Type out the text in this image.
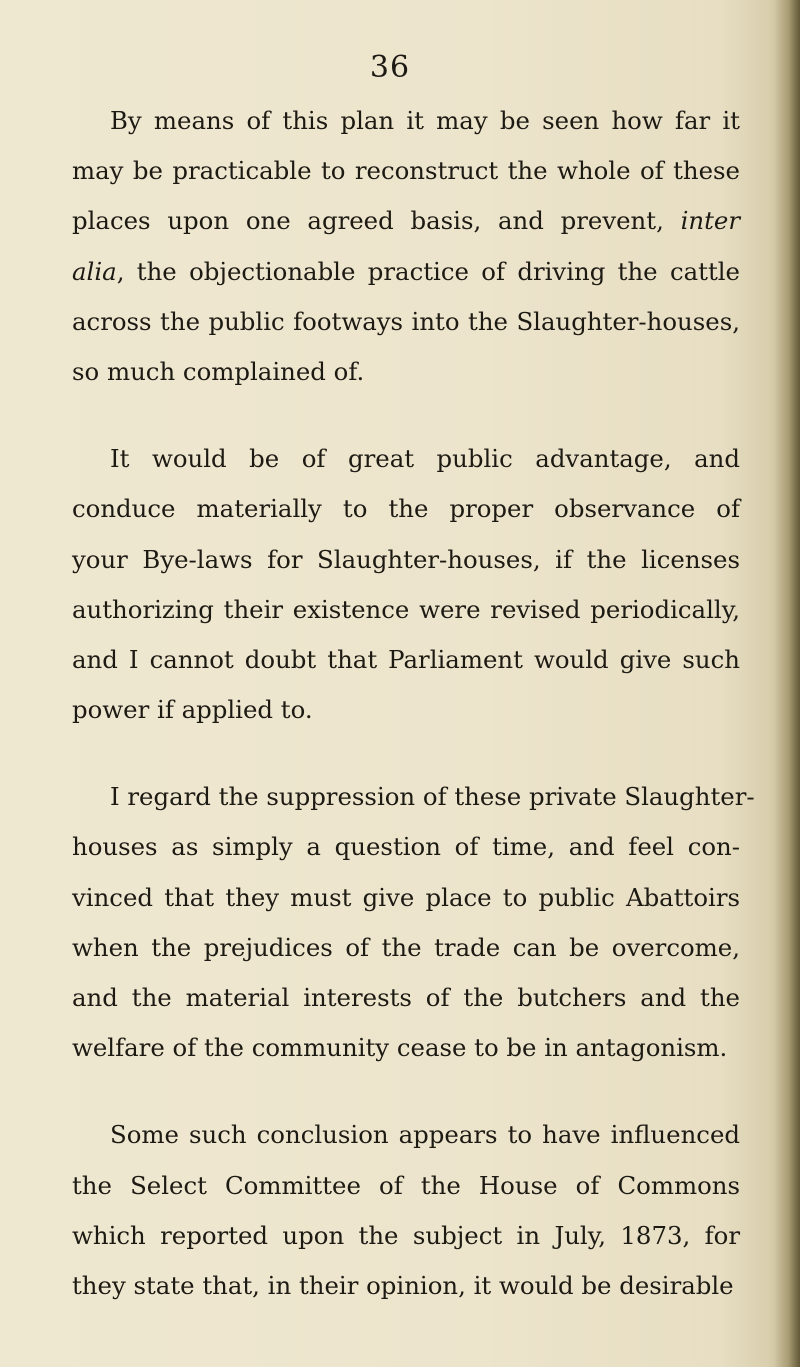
36
By means of this plan it may be seen how far it
may be practicable to reconstruct the whole of these
places upon one agreed basis, and prevent, inter
alia, the objectionable practice of driving the cattle
across the public footways into the Slaughter-houses,
so much complained of.
It would be of great public advantage, and
conduce materially to the proper observance of
your Bye-laws for Slaughter-houses, if the licenses
authorizing their existence were revised periodically,
and I cannot doubt that Parliament would give such
power if applied to.
I regard the suppression of these private Slaughter-
houses as simply a question of time, and feel con-
vinced that they must give place to public Abattoirs
when the prejudices of the trade can be overcome,
and the material interests of the butchers and the
welfare of the community cease to be in antagonism.
Some such conclusion appears to have influenced
the Select Committee of the House of Commons
which reported upon the subject in July, 1873, for
they state that, in their opinion, it would be desirable
